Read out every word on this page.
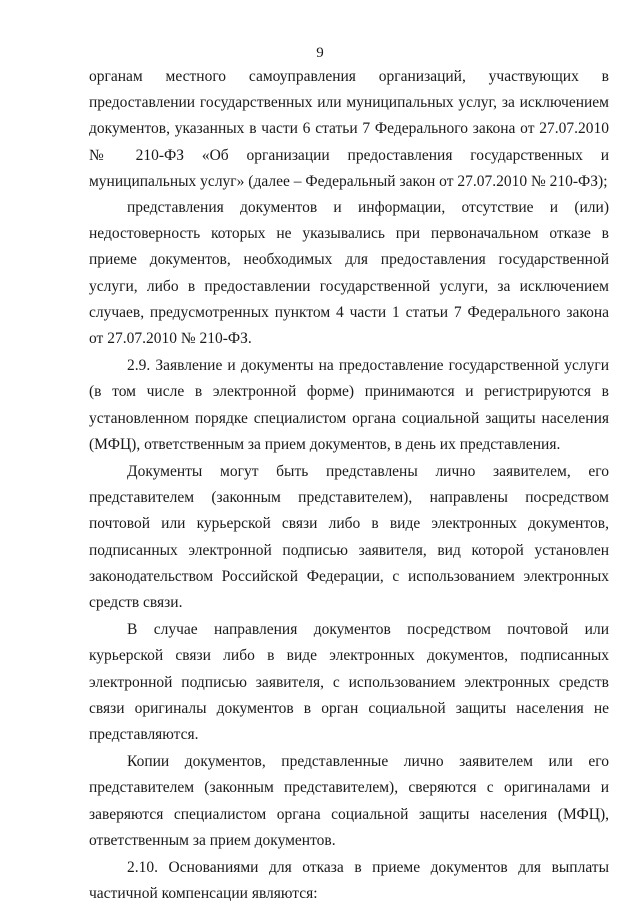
9

органам местного самоуправления организаций, участвующих в предоставлении государственных или муниципальных услуг, за исключением документов, указанных в части 6 статьи 7 Федерального закона от 27.07.2010 № 210-ФЗ «Об организации предоставления государственных и муниципальных услуг» (далее – Федеральный закон от 27.07.2010 № 210-ФЗ);

представления документов и информации, отсутствие и (или) недостоверность которых не указывались при первоначальном отказе в приеме документов, необходимых для предоставления государственной услуги, либо в предоставлении государственной услуги, за исключением случаев, предусмотренных пунктом 4 части 1 статьи 7 Федерального закона от 27.07.2010 № 210-ФЗ.

2.9. Заявление и документы на предоставление государственной услуги (в том числе в электронной форме) принимаются и регистрируются в установленном порядке специалистом органа социальной защиты населения (МФЦ), ответственным за прием документов, в день их представления.

Документы могут быть представлены лично заявителем, его представителем (законным представителем), направлены посредством почтовой или курьерской связи либо в виде электронных документов, подписанных электронной подписью заявителя, вид которой установлен законодательством Российской Федерации, с использованием электронных средств связи.

В случае направления документов посредством почтовой или курьерской связи либо в виде электронных документов, подписанных электронной подписью заявителя, с использованием электронных средств связи оригиналы документов в орган социальной защиты населения не представляются.

Копии документов, представленные лично заявителем или его представителем (законным представителем), сверяются с оригиналами и заверяются специалистом органа социальной защиты населения (МФЦ), ответственным за прием документов.

2.10. Основаниями для отказа в приеме документов для выплаты частичной компенсации являются:
